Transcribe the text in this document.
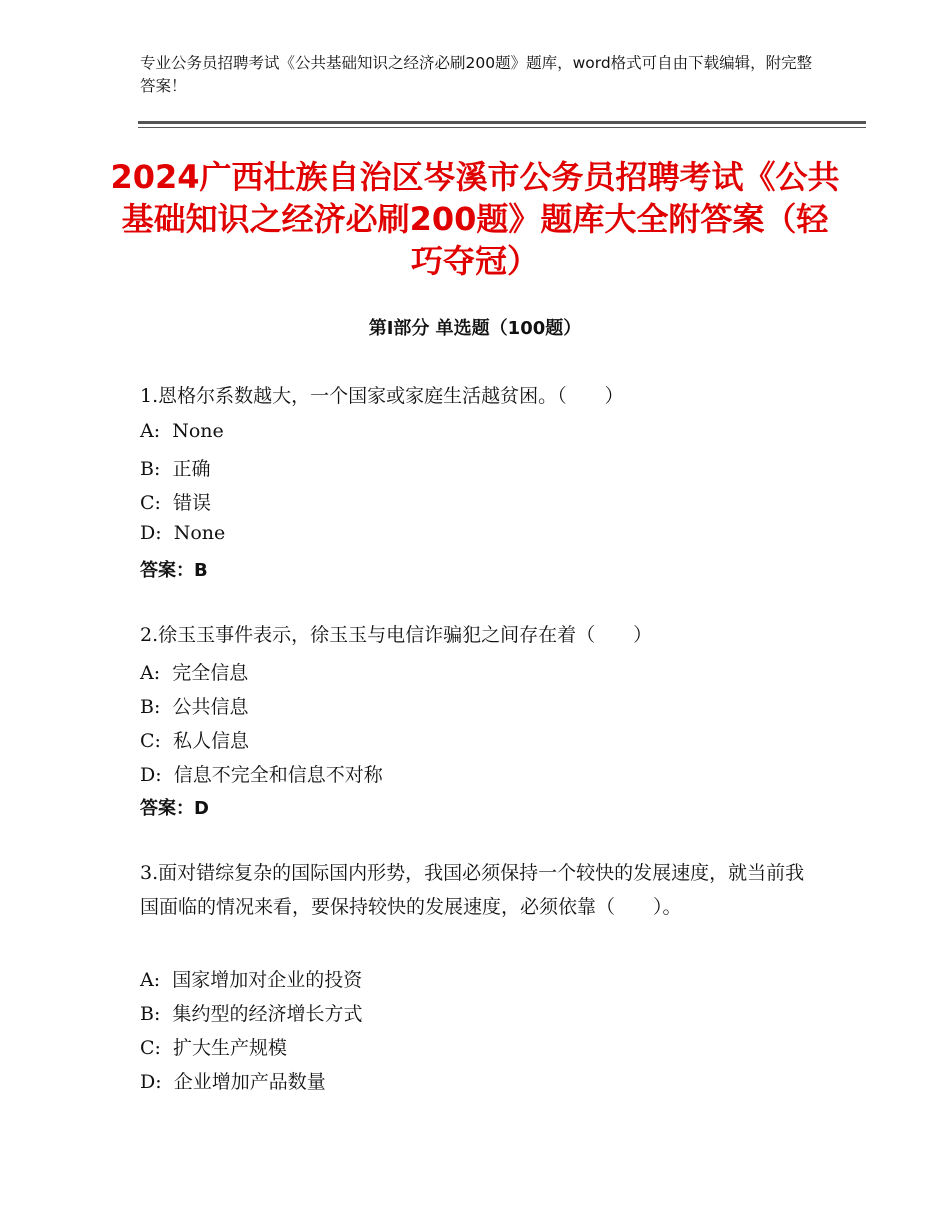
专业公务员招聘考试《公共基础知识之经济必刷200题》题库，word格式可自由下载编辑，附完整答案！
2024广西壮族自治区岑溪市公务员招聘考试《公共基础知识之经济必刷200题》题库大全附答案（轻巧夺冠）
第Ⅰ部分 单选题（100题）
1.恩格尔系数越大，一个国家或家庭生活越贫困。（　　）
A:  None
B:  正确
C:  错误
D:  None
答案：B
2.徐玉玉事件表示，徐玉玉与电信诈骗犯之间存在着（　　）
A:  完全信息
B:  公共信息
C:  私人信息
D:  信息不完全和信息不对称
答案：D
3.面对错综复杂的国际国内形势，我国必须保持一个较快的发展速度，就当前我国面临的情况来看，要保持较快的发展速度，必须依靠（　　）。
A:  国家增加对企业的投资
B:  集约型的经济增长方式
C:  扩大生产规模
D:  企业增加产品数量
